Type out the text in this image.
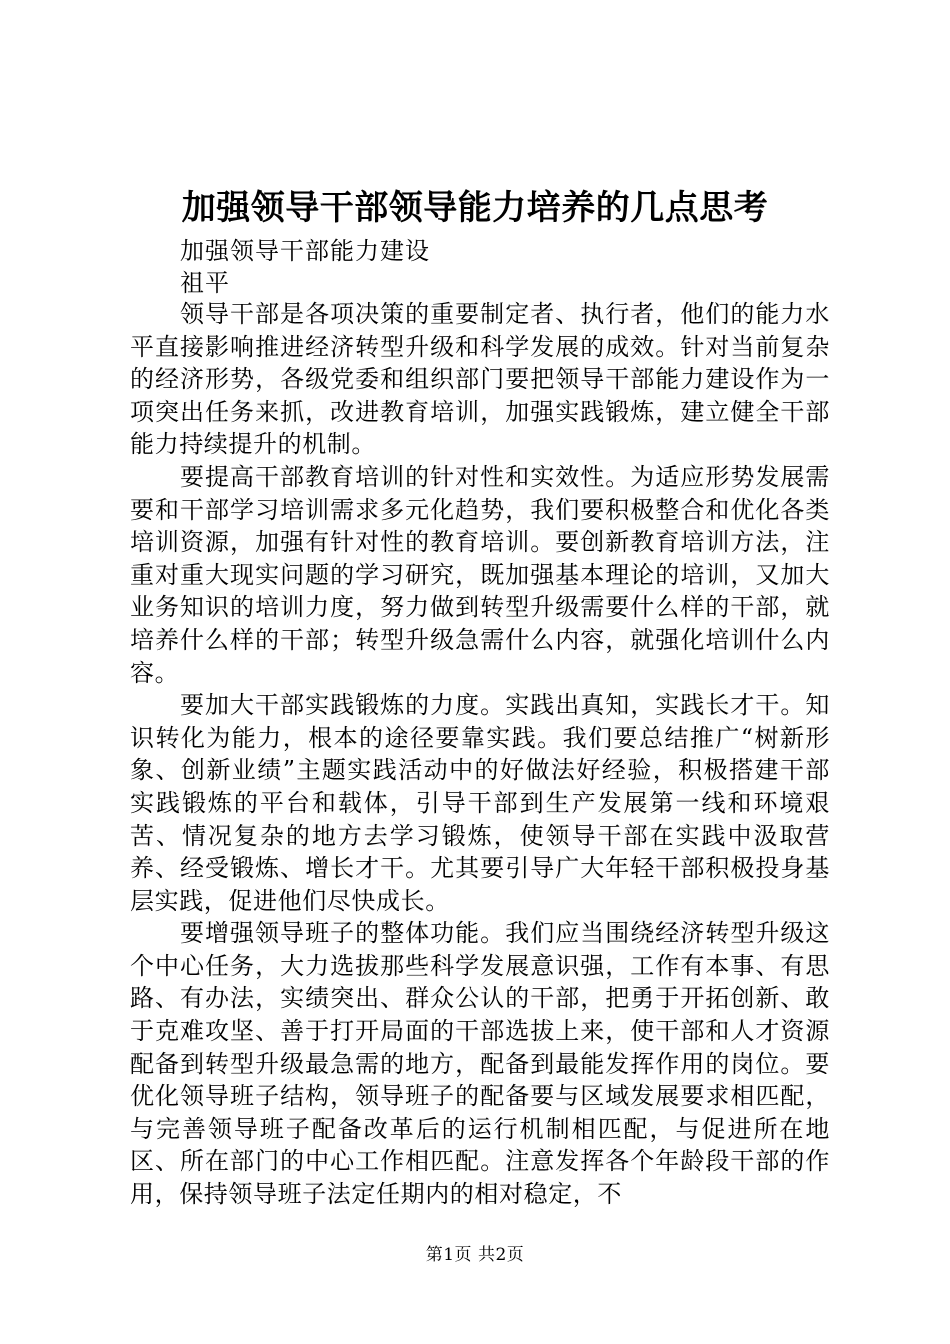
加强领导干部领导能力培养的几点思考

加强领导干部能力建设

祖平

领导干部是各项决策的重要制定者、执行者，他们的能力水平直接影响推进经济转型升级和科学发展的成效。针对当前复杂的经济形势，各级党委和组织部门要把领导干部能力建设作为一项突出任务来抓，改进教育培训，加强实践锻炼，建立健全干部能力持续提升的机制。

要提高干部教育培训的针对性和实效性。为适应形势发展需要和干部学习培训需求多元化趋势，我们要积极整合和优化各类培训资源，加强有针对性的教育培训。要创新教育培训方法，注重对重大现实问题的学习研究，既加强基本理论的培训，又加大业务知识的培训力度，努力做到转型升级需要什么样的干部，就培养什么样的干部；转型升级急需什么内容，就强化培训什么内容。

要加大干部实践锻炼的力度。实践出真知，实践长才干。知识转化为能力，根本的途径要靠实践。我们要总结推广“树新形象、创新业绩”主题实践活动中的好做法好经验，积极搭建干部实践锻炼的平台和载体，引导干部到生产发展第一线和环境艰苦、情况复杂的地方去学习锻炼，使领导干部在实践中汲取营养、经受锻炼、增长才干。尤其要引导广大年轻干部积极投身基层实践，促进他们尽快成长。

要增强领导班子的整体功能。我们应当围绕经济转型升级这个中心任务，大力选拔那些科学发展意识强，工作有本事、有思路、有办法，实绩突出、群众公认的干部，把勇于开拓创新、敢于克难攻坚、善于打开局面的干部选拔上来，使干部和人才资源配备到转型升级最急需的地方，配备到最能发挥作用的岗位。要优化领导班子结构，领导班子的配备要与区域发展要求相匹配，与完善领导班子配备改革后的运行机制相匹配，与促进所在地区、所在部门的中心工作相匹配。注意发挥各个年龄段干部的作用，保持领导班子法定任期内的相对稳定，不

第1页 共2页
